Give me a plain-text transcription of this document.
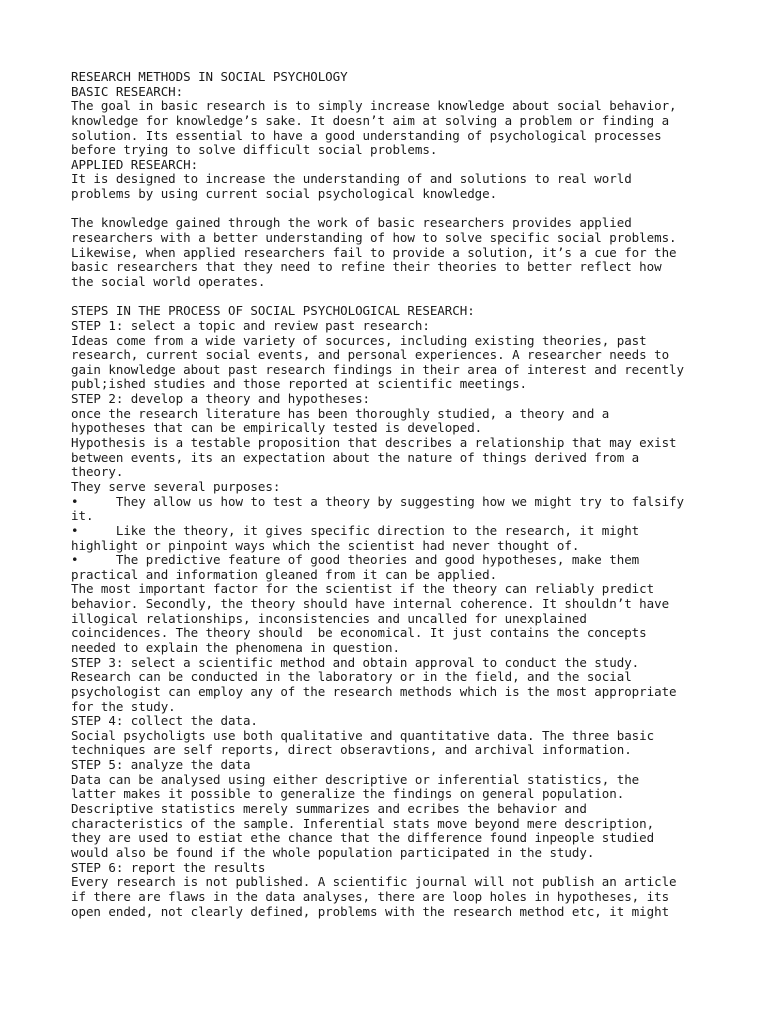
RESEARCH METHODS IN SOCIAL PSYCHOLOGY
BASIC RESEARCH:
The goal in basic research is to simply increase knowledge about social behavior,
knowledge for knowledge’s sake. It doesn’t aim at solving a problem or finding a
solution. Its essential to have a good understanding of psychological processes
before trying to solve difficult social problems.
APPLIED RESEARCH:
It is designed to increase the understanding of and solutions to real world
problems by using current social psychological knowledge.
The knowledge gained through the work of basic researchers provides applied
researchers with a better understanding of how to solve specific social problems.
Likewise, when applied researchers fail to provide a solution, it’s a cue for the
basic researchers that they need to refine their theories to better reflect how
the social world operates.
STEPS IN THE PROCESS OF SOCIAL PSYCHOLOGICAL RESEARCH:
STEP 1: select a topic and review past research:
Ideas come from a wide variety of socurces, including existing theories, past
research, current social events, and personal experiences. A researcher needs to
gain knowledge about past research findings in their area of interest and recently
publ;ished studies and those reported at scientific meetings.
STEP 2: develop a theory and hypotheses:
once the research literature has been thoroughly studied, a theory and a
hypotheses that can be empirically tested is developed.
Hypothesis is a testable proposition that describes a relationship that may exist
between events, its an expectation about the nature of things derived from a
theory.
They serve several purposes:
•     They allow us how to test a theory by suggesting how we might try to falsify
it.
•     Like the theory, it gives specific direction to the research, it might
highlight or pinpoint ways which the scientist had never thought of.
•     The predictive feature of good theories and good hypotheses, make them
practical and information gleaned from it can be applied.
The most important factor for the scientist if the theory can reliably predict
behavior. Secondly, the theory should have internal coherence. It shouldn’t have
illogical relationships, inconsistencies and uncalled for unexplained
coincidences. The theory should  be economical. It just contains the concepts
needed to explain the phenomena in question.
STEP 3: select a scientific method and obtain approval to conduct the study.
Research can be conducted in the laboratory or in the field, and the social
psychologist can employ any of the research methods which is the most appropriate
for the study.
STEP 4: collect the data.
Social psycholigts use both qualitative and quantitative data. The three basic
techniques are self reports, direct obseravtions, and archival information.
STEP 5: analyze the data
Data can be analysed using either descriptive or inferential statistics, the
latter makes it possible to generalize the findings on general population.
Descriptive statistics merely summarizes and ecribes the behavior and
characteristics of the sample. Inferential stats move beyond mere description,
they are used to estiat ethe chance that the difference found inpeople studied
would also be found if the whole population participated in the study.
STEP 6: report the results
Every research is not published. A scientific journal will not publish an article
if there are flaws in the data analyses, there are loop holes in hypotheses, its
open ended, not clearly defined, problems with the research method etc, it might
